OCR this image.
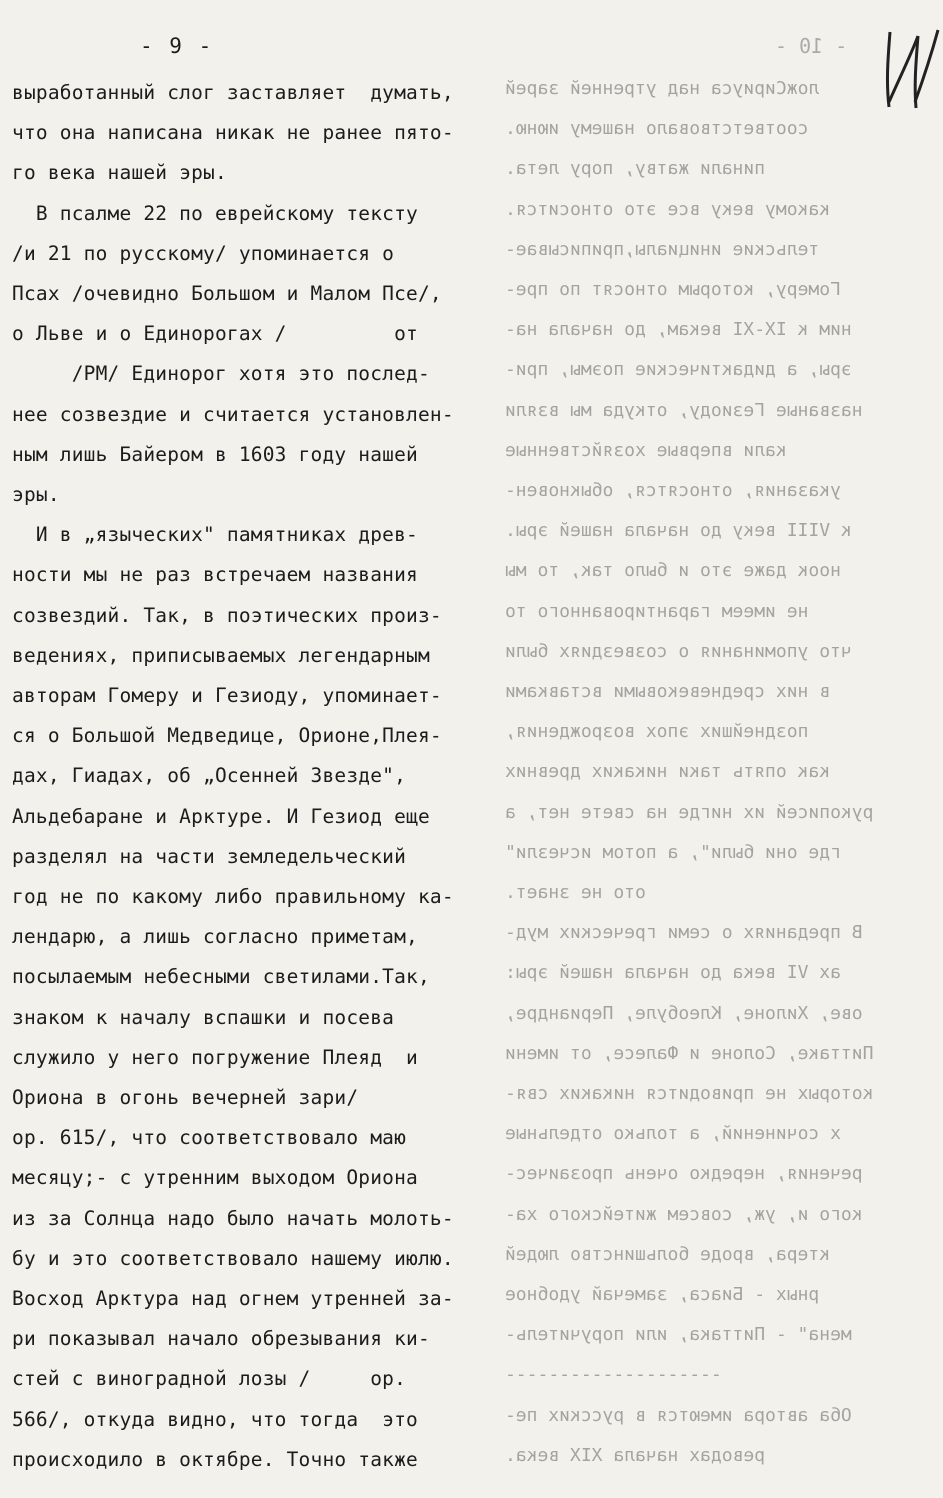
- 9 -
выработанный слог заставляет  думать,
что она написана никак не ранее пято-
го века нашей эры.
В псалме 22 по еврейскому тексту
/и 21 по русскому/ упоминается о
Псах /очевидно Большом и Малом Псе/,
о Льве и о Единорогах /         от
/РМ/ Единорог хотя это послед-
нее созвездие и считается установлен-
ным лишь Байером в 1603 году нашей
эры.
И в „языческих" памятниках древ-
ности мы не раз встречаем названия
созвездий. Так, в поэтических произ-
ведениях, приписываемых легендарным
авторам Гомеру и Гезиоду, упоминает-
ся о Большой Медведице, Орионе,Плея-
дах, Гиадах, об „Осенней Звезде",
Альдебаране и Арктуре. И Гезиод еще
разделял на части земледельческий
год не по какому либо правильному ка-
лендарю, а лишь согласно приметам,
посылаемым небесными светилами.Так,
знаком к началу вспашки и посева
служило у него погружение Плеяд  и
Ориона в огонь вечерней зари/
ор. 615/, что соответствовало маю
месяцу;- с утренним выходом Ориона
из за Солнца надо было начать молоть-
бу и это соответствовало нашему июлю.
Восход Арктура над огнем утренней за-
ри показывал начало обрезывания ки-
стей с виноградной лозы /     ор.
566/, откуда видно, что тогда  это
происходило в октябре. Точно также
- 10 -
ложСириуса над утренней зарей
соответствовало нашему июню.
пинали жатву, пору лета.
какому веку все это относится.
тельские инициалы,приписывае-
Гомеру, которым относят по пре-
ним к IX-XI векам, до начала на-
эры, а дидактические поэмы, при-
названые Гезиоду, откуда мы взяли
кали впервые хозяйственные
указания, относятся, обыкновен-
к VIII веку до начала нашей эры.
ноок даже это и было так, то мы
не имеем гарантированного то
что упоминания о созвездиях были
в них средневековыми вставками
позднейших эпох возрождения,
как опять таки никаких древних
рукописей их нигде на свете нет, а
где они были", а потом исчезли"
ото не знает.
В преданиях о семи греческих муд-
ах VI века до начала нашей эры:
ове, Хилоне, Клеобуле, Периандре,
Питтаке, Солоне и Фалесе, от имени
которых не приводится никаких свя-
х сочинений, а только отдельные
речения, нередко очень прозаичес-
кого и, уж, совсем житейского ха-
ктера, вроде большинство людей
рных - Биаса, замечай удобное
мена" - Питтака, или поручитель-
--------------------
Оба автора имеются в русских пе-
реводах начала XIX века.
